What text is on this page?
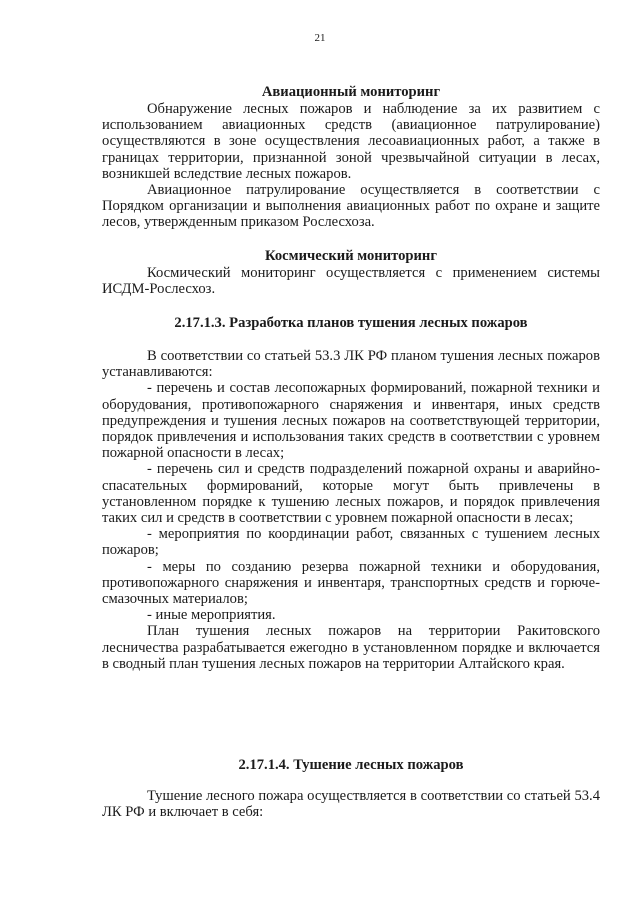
21
Авиационный мониторинг

Обнаружение лесных пожаров и наблюдение за их развитием с использованием авиационных средств (авиационное патрулирование) осуществляются в зоне осуществления лесоавиационных работ, а также в границах территории, признанной зоной чрезвычайной ситуации в лесах, возникшей вследствие лесных пожаров.

Авиационное патрулирование осуществляется в соответствии с Порядком организации и выполнения авиационных работ по охране и защите лесов, утвержденным приказом Рослесхоза.

Космический мониторинг

Космический мониторинг осуществляется с применением системы ИСДМ-Рослесхоз.

2.17.1.3. Разработка планов тушения лесных пожаров

В соответствии со статьей 53.3 ЛК РФ планом тушения лесных пожаров устанавливаются:

- перечень и состав лесопожарных формирований, пожарной техники и оборудования, противопожарного снаряжения и инвентаря, иных средств предупреждения и тушения лесных пожаров на соответствующей территории, порядок привлечения и использования таких средств в соответствии с уровнем пожарной опасности в лесах;

- перечень сил и средств подразделений пожарной охраны и аварийно-спасательных формирований, которые могут быть привлечены в установленном порядке к тушению лесных пожаров, и порядок привлечения таких сил и средств в соответствии с уровнем пожарной опасности в лесах;

- мероприятия по координации работ, связанных с тушением лесных пожаров;

- меры по созданию резерва пожарной техники и оборудования, противопожарного снаряжения и инвентаря, транспортных средств и горюче-смазочных материалов;

- иные мероприятия.

План тушения лесных пожаров на территории Ракитовского лесничества разрабатывается ежегодно в установленном порядке и включается в сводный план тушения лесных пожаров на территории Алтайского края.

2.17.1.4. Тушение лесных пожаров

Тушение лесного пожара осуществляется в соответствии со статьей 53.4 ЛК РФ и включает в себя:
